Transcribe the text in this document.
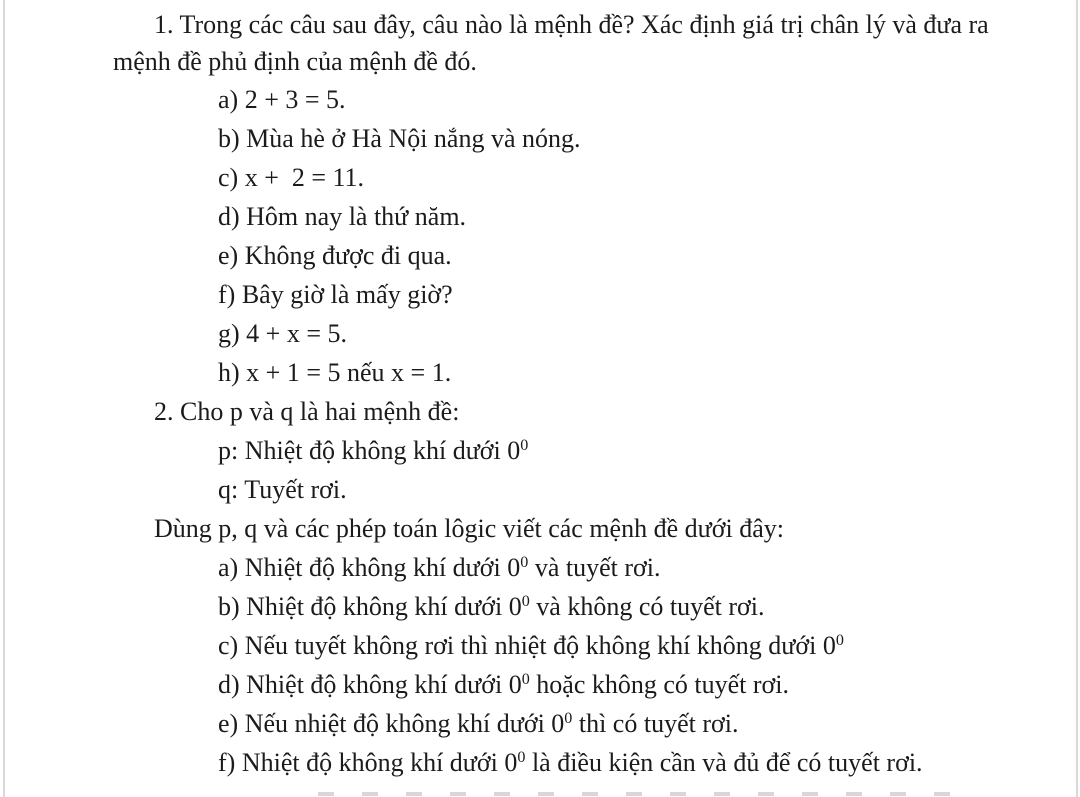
1. Trong các câu sau đây, câu nào là mệnh đề? Xác định giá trị chân lý và đưa ra
mệnh đề phủ định của mệnh đề đó.
a) 2 + 3 = 5.
b) Mùa hè ở Hà Nội nắng và nóng.
c) x +  2 = 11.
d) Hôm nay là thứ năm.
e) Không được đi qua.
f) Bây giờ là mấy giờ?
g) 4 + x = 5.
h) x + 1 = 5 nếu x = 1.
2. Cho p và q là hai mệnh đề:
p: Nhiệt độ không khí dưới $0^0$
q: Tuyết rơi.
Dùng p, q và các phép toán lôgic viết các mệnh đề dưới đây:
a) Nhiệt độ không khí dưới $0^0$ và tuyết rơi.
b) Nhiệt độ không khí dưới $0^0$ và không có tuyết rơi.
c) Nếu tuyết không rơi thì nhiệt độ không khí không dưới $0^0$
d) Nhiệt độ không khí dưới $0^0$ hoặc không có tuyết rơi.
e) Nếu nhiệt độ không khí dưới $0^0$ thì có tuyết rơi.
f) Nhiệt độ không khí dưới $0^0$ là điều kiện cần và đủ để có tuyết rơi.
